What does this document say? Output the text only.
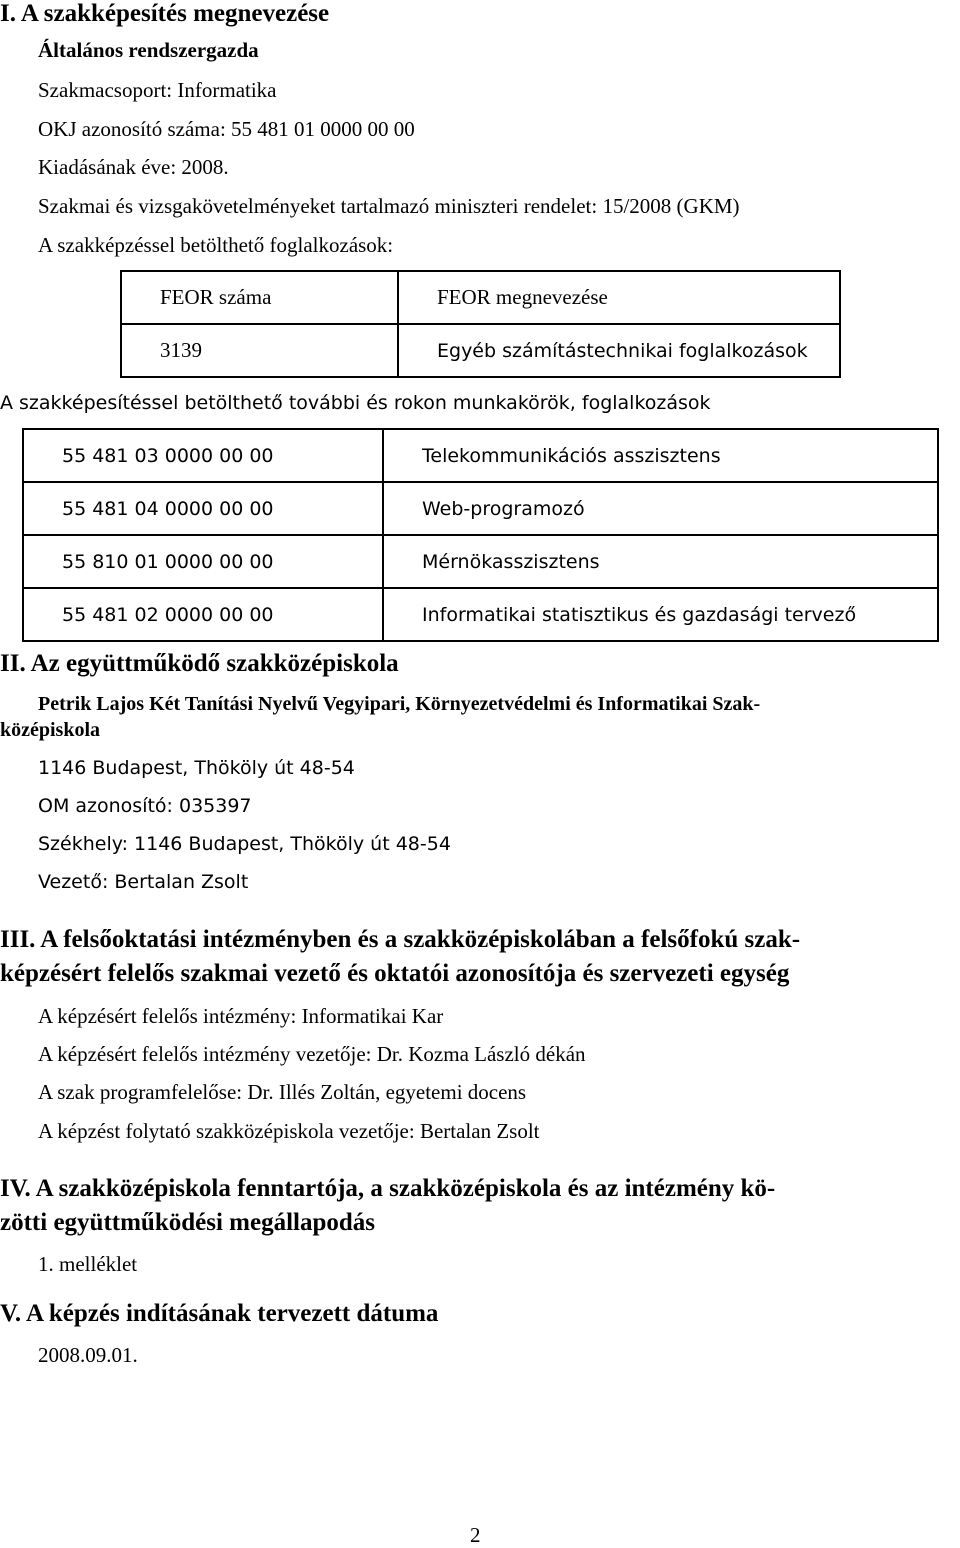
I. A szakképesítés megnevezése
Általános rendszergazda
Szakmacsoport: Informatika
OKJ azonosító száma: 55 481 01 0000 00 00
Kiadásának éve: 2008.
Szakmai és vizsgakövetelményeket tartalmazó miniszteri rendelet: 15/2008 (GKM)
A szakképzéssel betölthető foglalkozások:
FEOR száma	FEOR megnevezése
3139	Egyéb számítástechnikai foglalkozások
A szakképesítéssel betölthető további és rokon munkakörök, foglalkozások
55 481 03 0000 00 00	Telekommunikációs asszisztens
55 481 04 0000 00 00	Web-programozó
55 810 01 0000 00 00	Mérnökasszisztens
55 481 02 0000 00 00	Informatikai statisztikus és gazdasági tervező
II. Az együttműködő szakközépiskola
Petrik Lajos Két Tanítási Nyelvű Vegyipari, Környezetvédelmi és Informatikai Szak-
középiskola
1146 Budapest, Thököly út 48-54
OM azonosító: 035397
Székhely: 1146 Budapest, Thököly út 48-54
Vezető: Bertalan Zsolt
III. A felsőoktatási intézményben és a szakközépiskolában a felsőfokú szak-
képzésért felelős szakmai vezető és oktatói azonosítója és szervezeti egység
A képzésért felelős intézmény: Informatikai Kar
A képzésért felelős intézmény vezetője: Dr. Kozma László dékán
A szak programfelelőse: Dr. Illés Zoltán, egyetemi docens
A képzést folytató szakközépiskola vezetője: Bertalan Zsolt
IV. A szakközépiskola fenntartója, a szakközépiskola és az intézmény kö-
zötti együttműködési megállapodás
1. melléklet
V. A képzés indításának tervezett dátuma
2008.09.01.
2
